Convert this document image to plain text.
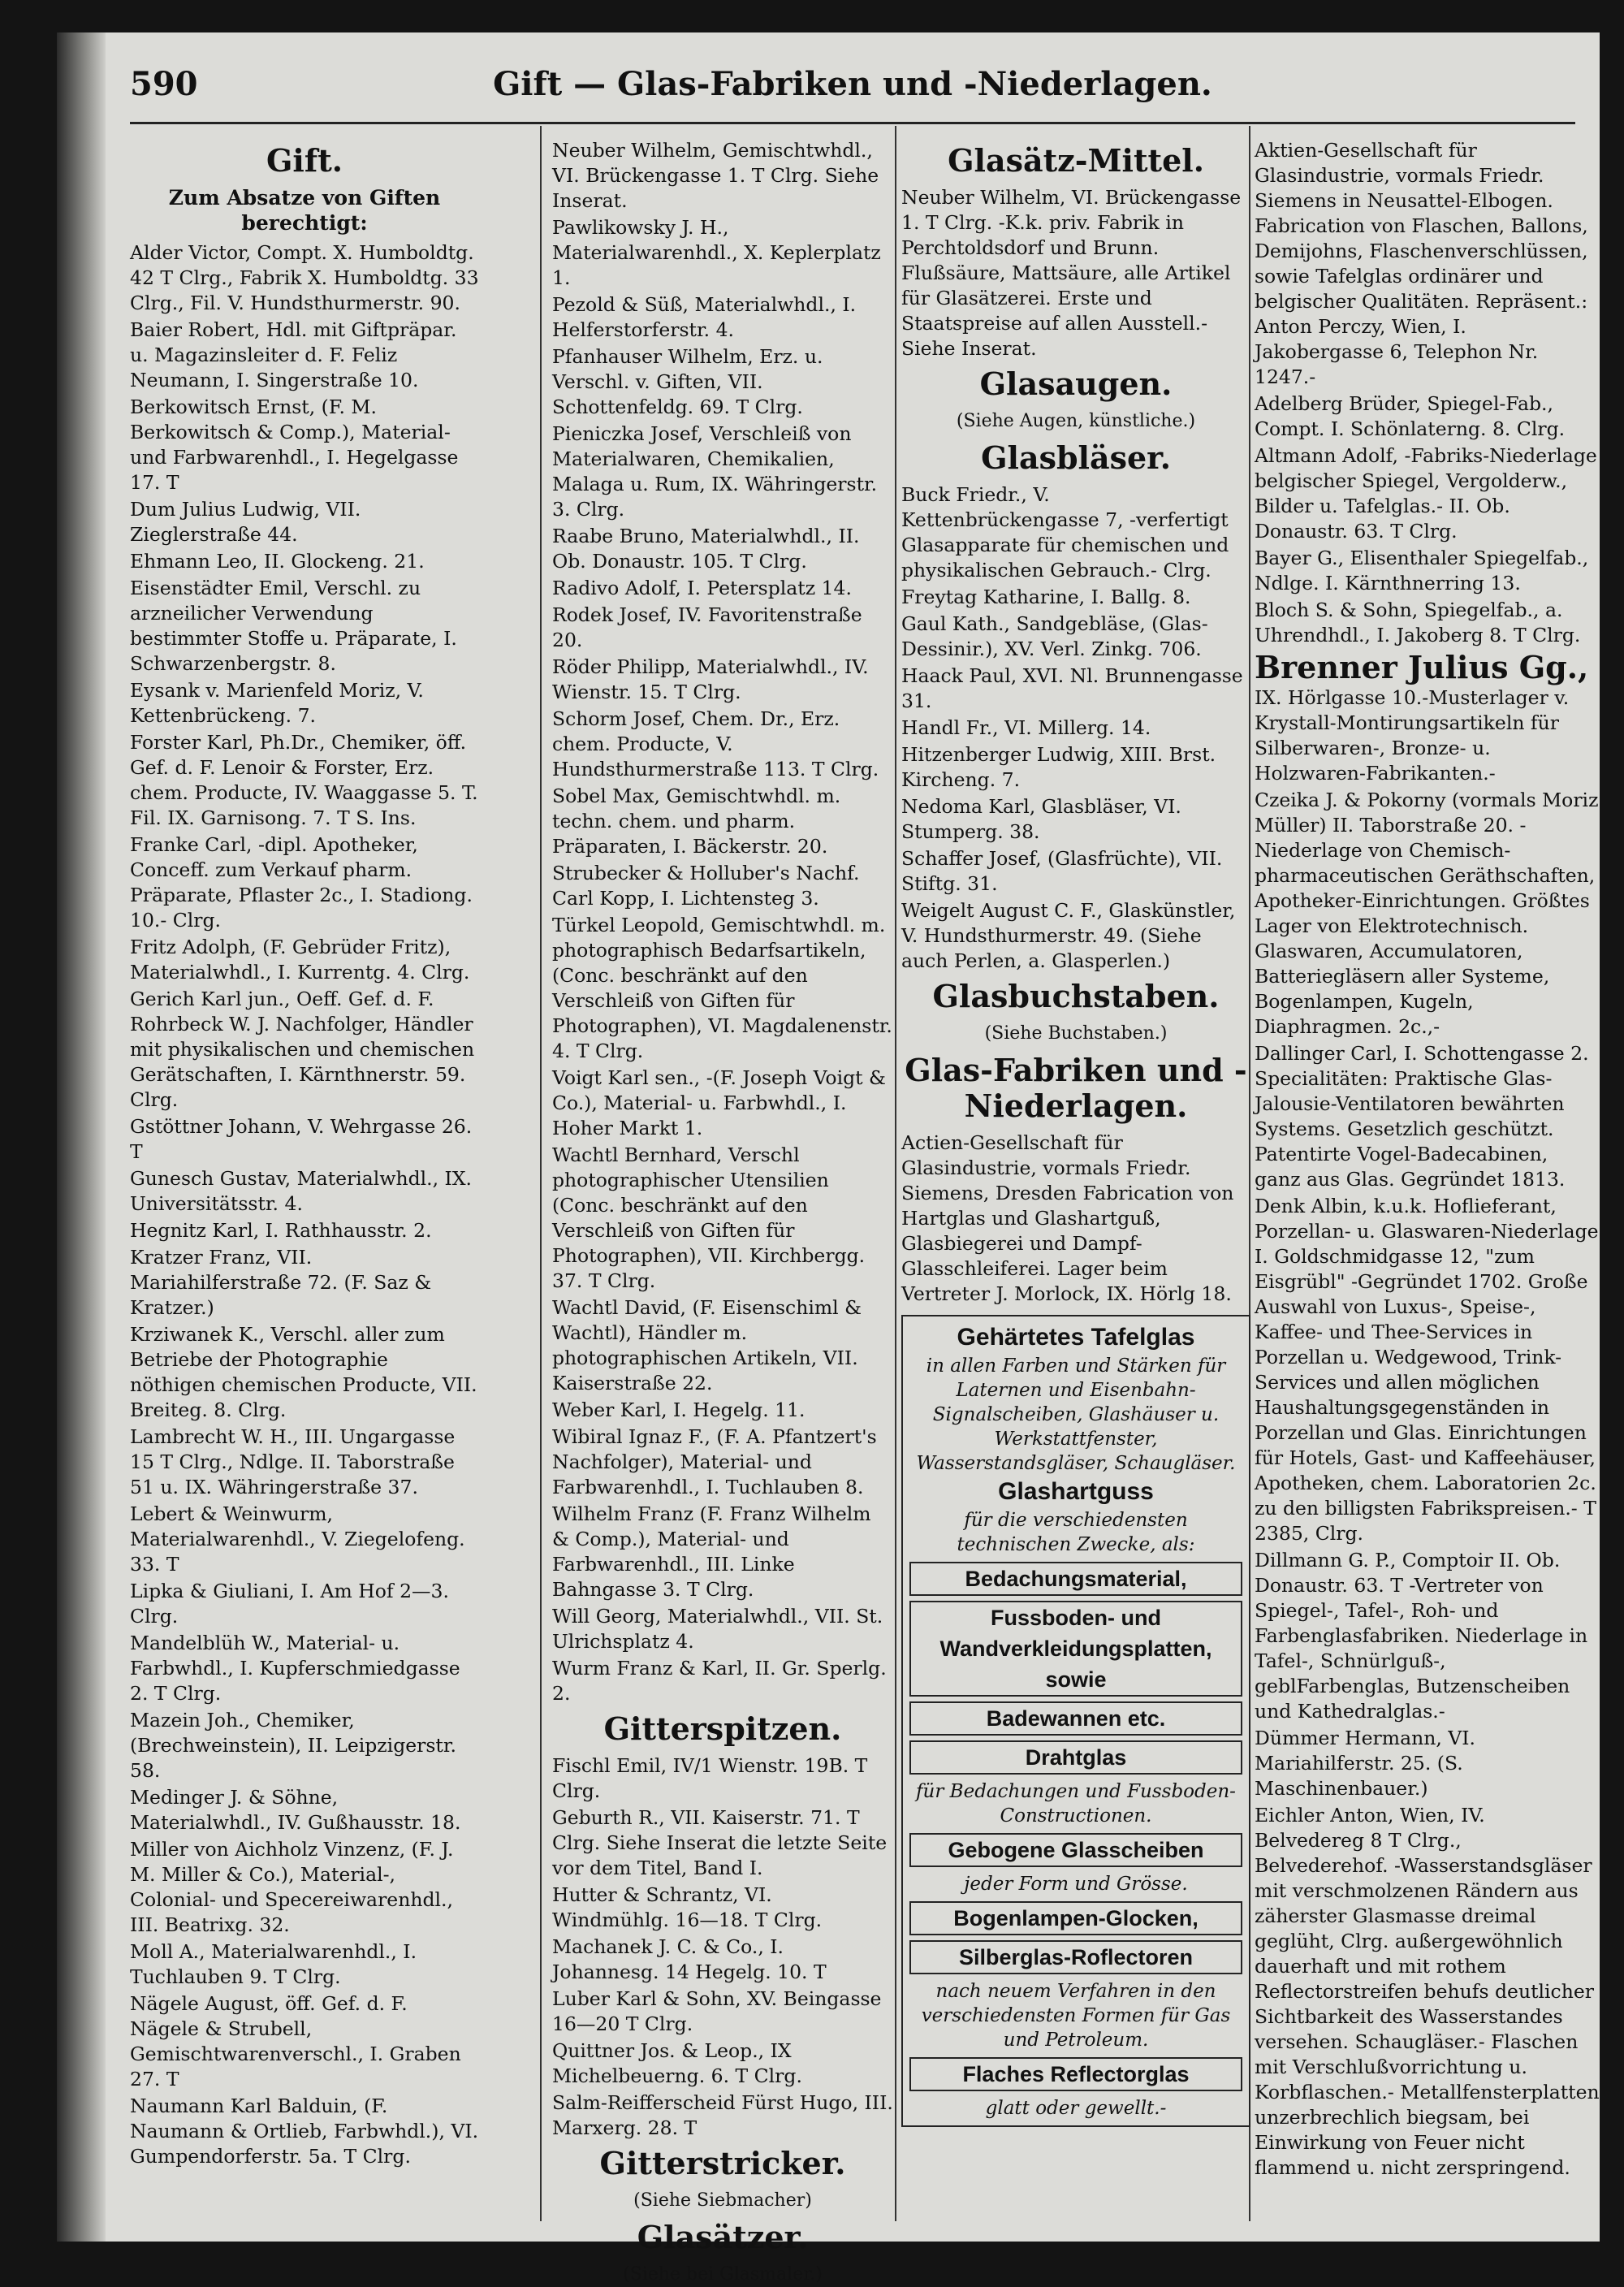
590	Gift — Glas-Fabriken und -Niederlagen.
Gift.
Zum Absatze von Giften berechtigt:
Alder Victor, Compt. X. Humboldtg. 42 T Clrg., Fabrik X. Humboldtg. 33 Clrg., Fil. V. Hundsthurmerstr. 90.
Baier Robert, Hdl. mit Giftpräpar. u. Magazinsleiter d. F. Feliz Neumann, I. Singerstraße 10.
Berkowitsch Ernst, (F. M. Berkowitsch & Comp.), Material- und Farbwarenhdl., I. Hegelgasse 17. T
Dum Julius Ludwig, VII. Zieglerstraße 44.
Ehmann Leo, II. Glockeng. 21.
Eisenstädter Emil, Verschl. zu arzneilicher Verwendung bestimmter Stoffe u. Präparate, I. Schwarzenbergstr. 8.
Eysank v. Marienfeld Moriz, V. Kettenbrückeng. 7.
Forster Karl, Ph.Dr., Chemiker, öff. Gef. d. F. Lenoir & Forster, Erz. chem. Producte, IV. Waaggasse 5. T. Fil. IX. Garnisong. 7. T S. Ins.
Franke Carl, -dipl. Apotheker, Conceff. zum Verkauf pharm. Präparate, Pflaster 2c., I. Stadiong. 10.- Clrg.
Fritz Adolph, (F. Gebrüder Fritz), Materialwhdl., I. Kurrentg. 4. Clrg.
Gerich Karl jun., Oeff. Gef. d. F. Rohrbeck W. J. Nachfolger, Händler mit physikalischen und chemischen Gerätschaften, I. Kärnthnerstr. 59. Clrg.
Gstöttner Johann, V. Wehrgasse 26. T
Gunesch Gustav, Materialwhdl., IX. Universitätsstr. 4.
Hegnitz Karl, I. Rathhausstr. 2.
Kratzer Franz, VII. Mariahilferstraße 72. (F. Saz & Kratzer.)
Krziwanek K., Verschl. aller zum Betriebe der Photographie nöthigen chemischen Producte, VII. Breiteg. 8. Clrg.
Lambrecht W. H., III. Ungargasse 15 T Clrg., Ndlge. II. Taborstraße 51 u. IX. Währingerstraße 37.
Lebert & Weinwurm, Materialwarenhdl., V. Ziegelofeng. 33. T
Lipka & Giuliani, I. Am Hof 2—3. Clrg.
Mandelblüh W., Material- u. Farbwhdl., I. Kupferschmiedgasse 2. T Clrg.
Mazein Joh., Chemiker, (Brechweinstein), II. Leipzigerstr. 58.
Medinger J. & Söhne, Materialwhdl., IV. Gußhausstr. 18.
Miller von Aichholz Vinzenz, (F. J. M. Miller & Co.), Material-, Colonial- und Specereiwarenhdl., III. Beatrixg. 32.
Moll A., Materialwarenhdl., I. Tuchlauben 9. T Clrg.
Nägele August, öff. Gef. d. F. Nägele & Strubell, Gemischtwarenverschl., I. Graben 27. T
Naumann Karl Balduin, (F. Naumann & Ortlieb, Farbwhdl.), VI. Gumpendorferstr. 5a. T Clrg.
Neuber Wilhelm, Gemischtwhdl., VI. Brückengasse 1. T Clrg. Siehe Inserat.
Pawlikowsky J. H., Materialwarenhdl., X. Keplerplatz 1.
Pezold & Süß, Materialwhdl., I. Helferstorferstr. 4.
Pfanhauser Wilhelm, Erz. u. Verschl. v. Giften, VII. Schottenfeldg. 69. T Clrg.
Pieniczka Josef, Verschleiß von Materialwaren, Chemikalien, Malaga u. Rum, IX. Währingerstr. 3. Clrg.
Raabe Bruno, Materialwhdl., II. Ob. Donaustr. 105. T Clrg.
Radivo Adolf, I. Petersplatz 14.
Rodek Josef, IV. Favoritenstraße 20.
Röder Philipp, Materialwhdl., IV. Wienstr. 15. T Clrg.
Schorm Josef, Chem. Dr., Erz. chem. Producte, V. Hundsthurmerstraße 113. T Clrg.
Sobel Max, Gemischtwhdl. m. techn. chem. und pharm. Präparaten, I. Bäckerstr. 20.
Strubecker & Holluber's Nachf. Carl Kopp, I. Lichtensteg 3.
Türkel Leopold, Gemischtwhdl. m. photographisch Bedarfsartikeln, (Conc. beschränkt auf den Verschleiß von Giften für Photographen), VI. Magdalenenstr. 4. T Clrg.
Voigt Karl sen., -(F. Joseph Voigt & Co.), Material- u. Farbwhdl., I. Hoher Markt 1.
Wachtl Bernhard, Verschl photographischer Utensilien (Conc. beschränkt auf den Verschleiß von Giften für Photographen), VII. Kirchbergg. 37. T Clrg.
Wachtl David, (F. Eisenschiml & Wachtl), Händler m. photographischen Artikeln, VII. Kaiserstraße 22.
Weber Karl, I. Hegelg. 11.
Wibiral Ignaz F., (F. A. Pfantzert's Nachfolger), Material- und Farbwarenhdl., I. Tuchlauben 8.
Wilhelm Franz (F. Franz Wilhelm & Comp.), Material- und Farbwarenhdl., III. Linke Bahngasse 3. T Clrg.
Will Georg, Materialwhdl., VII. St. Ulrichsplatz 4.
Wurm Franz & Karl, II. Gr. Sperlg. 2.
Gitterspitzen.
Fischl Emil, IV/1 Wienstr. 19B. T Clrg.
Geburth R., VII. Kaiserstr. 71. T Clrg. Siehe Inserat die letzte Seite vor dem Titel, Band I.
Hutter & Schrantz, VI. Windmühlg. 16—18. T Clrg.
Machanek J. C. & Co., I. Johannesg. 14 Hegelg. 10. T
Luber Karl & Sohn, XV. Beingasse 16—20 T Clrg.
Quittner Jos. & Leop., IX Michelbeuerng. 6. T Clrg.
Salm-Reifferscheid Fürst Hugo, III. Marxerg. 28. T
Gitterstricker.
(Siehe Siebmacher)
Glasätzer.
(Siehe bei Glasmaler.)
Glasätz-Mittel.
Neuber Wilhelm, VI. Brückengasse 1. T Clrg. -K.k. priv. Fabrik in Perchtoldsdorf und Brunn. Flußsäure, Mattsäure, alle Artikel für Glasätzerei. Erste und Staatspreise auf allen Ausstell.- Siehe Inserat.
Glasaugen.
(Siehe Augen, künstliche.)
Glasbläser.
Buck Friedr., V. Kettenbrückengasse 7, -verfertigt Glasapparate für chemischen und physikalischen Gebrauch.- Clrg.
Freytag Katharine, I. Ballg. 8.
Gaul Kath., Sandgebläse, (Glas-Dessinir.), XV. Verl. Zinkg. 706.
Haack Paul, XVI. Nl. Brunnengasse 31.
Handl Fr., VI. Millerg. 14.
Hitzenberger Ludwig, XIII. Brst. Kircheng. 7.
Nedoma Karl, Glasbläser, VI. Stumperg. 38.
Schaffer Josef, (Glasfrüchte), VII. Stiftg. 31.
Weigelt August C. F., Glaskünstler, V. Hundsthurmerstr. 49. (Siehe auch Perlen, a. Glasperlen.)
Glasbuchstaben.
(Siehe Buchstaben.)
Glas-Fabriken und -Niederlagen.
Actien-Gesellschaft für Glasindustrie, vormals Friedr. Siemens, Dresden Fabrication von Hartglas und Glashartguß, Glasbiegerei und Dampf-Glasschleiferei. Lager beim Vertreter J. Morlock, IX. Hörlg 18.
Gehärtetes Tafelglas
in allen Farben und Stärken für Laternen und Eisenbahn-Signalscheiben, Glashäuser u. Werkstattfenster, Wasserstandsgläser, Schaugläser.
Glashartguss
für die verschiedensten technischen Zwecke, als:
Bedachungsmaterial,
Fussboden- und Wandverkleidungsplatten, sowie
Badewannen etc.
Drahtglas
für Bedachungen und Fussboden-Constructionen.
Gebogene Glasscheiben
jeder Form und Grösse.
Bogenlampen-Glocken,
Silberglas-Roflectoren
nach neuem Verfahren in den verschiedensten Formen für Gas und Petroleum.
Flaches Reflectorglas
glatt oder gewellt.-
Aktien-Gesellschaft für Glasindustrie, vormals Friedr. Siemens in Neusattel-Elbogen. Fabrication von Flaschen, Ballons, Demijohns, Flaschenverschlüssen, sowie Tafelglas ordinärer und belgischer Qualitäten. Repräsent.: Anton Perczy, Wien, I. Jakobergasse 6, Telephon Nr. 1247.-
Adelberg Brüder, Spiegel-Fab., Compt. I. Schönlaterng. 8. Clrg.
Altmann Adolf, -Fabriks-Niederlage belgischer Spiegel, Vergolderw., Bilder u. Tafelglas.- II. Ob. Donaustr. 63. T Clrg.
Bayer G., Elisenthaler Spiegelfab., Ndlge. I. Kärnthnerring 13.
Bloch S. & Sohn, Spiegelfab., a. Uhrendhdl., I. Jakoberg 8. T Clrg.
Brenner Julius Gg.,
IX. Hörlgasse 10.-Musterlager v. Krystall-Montirungsartikeln für Silberwaren-, Bronze- u. Holzwaren-Fabrikanten.-
Czeika J. & Pokorny (vormals Moriz Müller) II. Taborstraße 20. -Niederlage von Chemisch-pharmaceutischen Geräthschaften, Apotheker-Einrichtungen. Größtes Lager von Elektrotechnisch. Glaswaren, Accumulatoren, Batteriegläsern aller Systeme, Bogenlampen, Kugeln, Diaphragmen. 2c.,-
Dallinger Carl, I. Schottengasse 2. Specialitäten: Praktische Glas-Jalousie-Ventilatoren bewährten Systems. Gesetzlich geschützt. Patentirte Vogel-Badecabinen, ganz aus Glas. Gegründet 1813.
Denk Albin, k.u.k. Hoflieferant, Porzellan- u. Glaswaren-Niederlage I. Goldschmidgasse 12, "zum Eisgrübl" -Gegründet 1702. Große Auswahl von Luxus-, Speise-, Kaffee- und Thee-Services in Porzellan u. Wedgewood, Trink-Services und allen möglichen Haushaltungsgegenständen in Porzellan und Glas. Einrichtungen für Hotels, Gast- und Kaffeehäuser, Apotheken, chem. Laboratorien 2c. zu den billigsten Fabrikspreisen.- T 2385, Clrg.
Dillmann G. P., Comptoir II. Ob. Donaustr. 63. T -Vertreter von Spiegel-, Tafel-, Roh- und Farbenglasfabriken. Niederlage in Tafel-, Schnürlguß-, geblFarbenglas, Butzenscheiben und Kathedralglas.-
Dümmer Hermann, VI. Mariahilferstr. 25. (S. Maschinenbauer.)
Eichler Anton, Wien, IV. Belvedereg 8 T Clrg., Belvederehof. -Wasserstandsgläser mit verschmolzenen Rändern aus zäherster Glasmasse dreimal geglüht, Clrg. außergewöhnlich dauerhaft und mit rothem Reflectorstreifen behufs deutlicher Sichtbarkeit des Wasserstandes versehen. Schaugläser.- Flaschen mit Verschlußvorrichtung u. Korbflaschen.- Metallfensterplatten unzerbrechlich biegsam, bei Einwirkung von Feuer nicht flammend u. nicht zerspringend.
